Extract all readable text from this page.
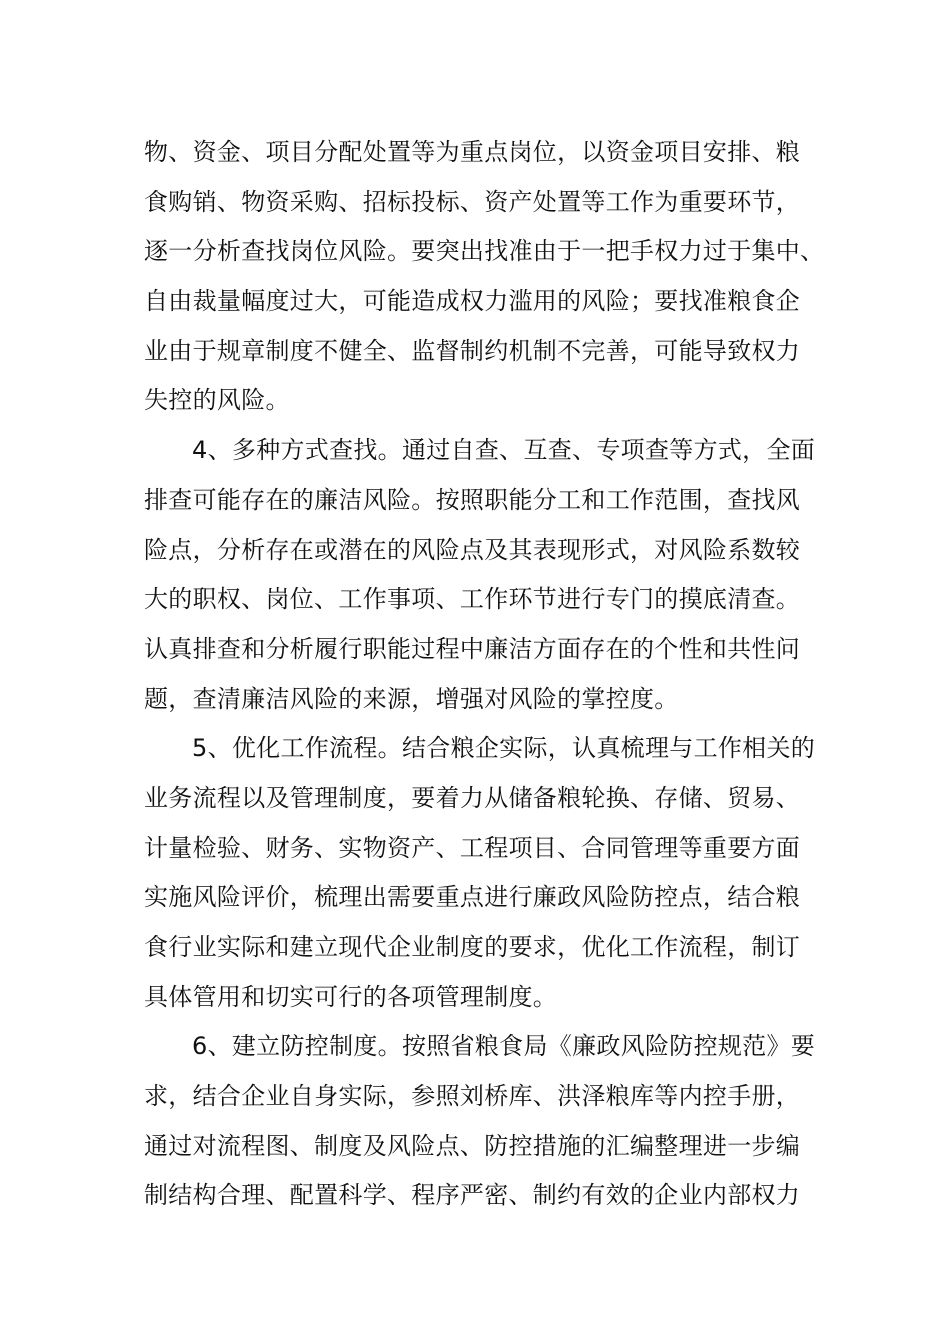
物、资金、项目分配处置等为重点岗位，以资金项目安排、粮
食购销、物资采购、招标投标、资产处置等工作为重要环节，
逐一分析查找岗位风险。要突出找准由于一把手权力过于集中、
自由裁量幅度过大，可能造成权力滥用的风险；要找准粮食企
业由于规章制度不健全、监督制约机制不完善，可能导致权力
失控的风险。
4、多种方式查找。通过自查、互查、专项查等方式，全面
排查可能存在的廉洁风险。按照职能分工和工作范围，查找风
险点，分析存在或潜在的风险点及其表现形式，对风险系数较
大的职权、岗位、工作事项、工作环节进行专门的摸底清查。
认真排查和分析履行职能过程中廉洁方面存在的个性和共性问
题，查清廉洁风险的来源，增强对风险的掌控度。
5、优化工作流程。结合粮企实际，认真梳理与工作相关的
业务流程以及管理制度，要着力从储备粮轮换、存储、贸易、
计量检验、财务、实物资产、工程项目、合同管理等重要方面
实施风险评价，梳理出需要重点进行廉政风险防控点，结合粮
食行业实际和建立现代企业制度的要求，优化工作流程，制订
具体管用和切实可行的各项管理制度。
6、建立防控制度。按照省粮食局《廉政风险防控规范》要
求，结合企业自身实际，参照刘桥库、洪泽粮库等内控手册，
通过对流程图、制度及风险点、防控措施的汇编整理进一步编
制结构合理、配置科学、程序严密、制约有效的企业内部权力
